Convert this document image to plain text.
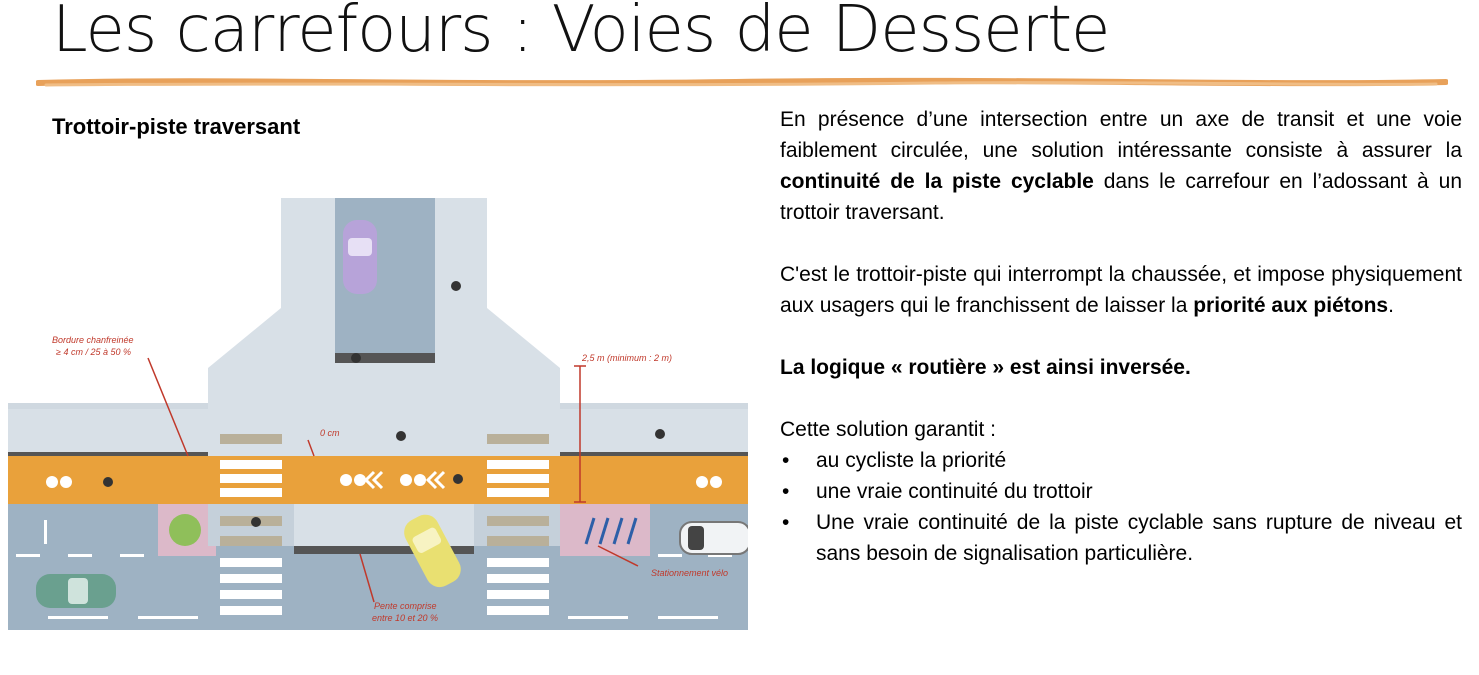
Les carrefours : Voies de Desserte
Trottoir-piste traversant
Bordure chanfreinée
≥ 4 cm / 25 à 50 %
0 cm
2,5 m (minimum : 2 m)
Pente comprise
entre 10 et 20 %
Stationnement vélo

En présence d’une intersection entre un axe de transit et une voie faiblement circulée, une solution intéressante consiste à assurer la continuité de la piste cyclable dans le carrefour en l’adossant à un trottoir traversant.

C'est le trottoir-piste qui interrompt la chaussée, et impose physiquement aux usagers qui le franchissent de laisser la priorité aux piétons.

La logique « routière » est ainsi inversée.

Cette solution garantit :

• au cycliste la priorité
• une vraie continuité du trottoir
• Une vraie continuité de la piste cyclable sans rupture de niveau et sans besoin de signalisation particulière.
